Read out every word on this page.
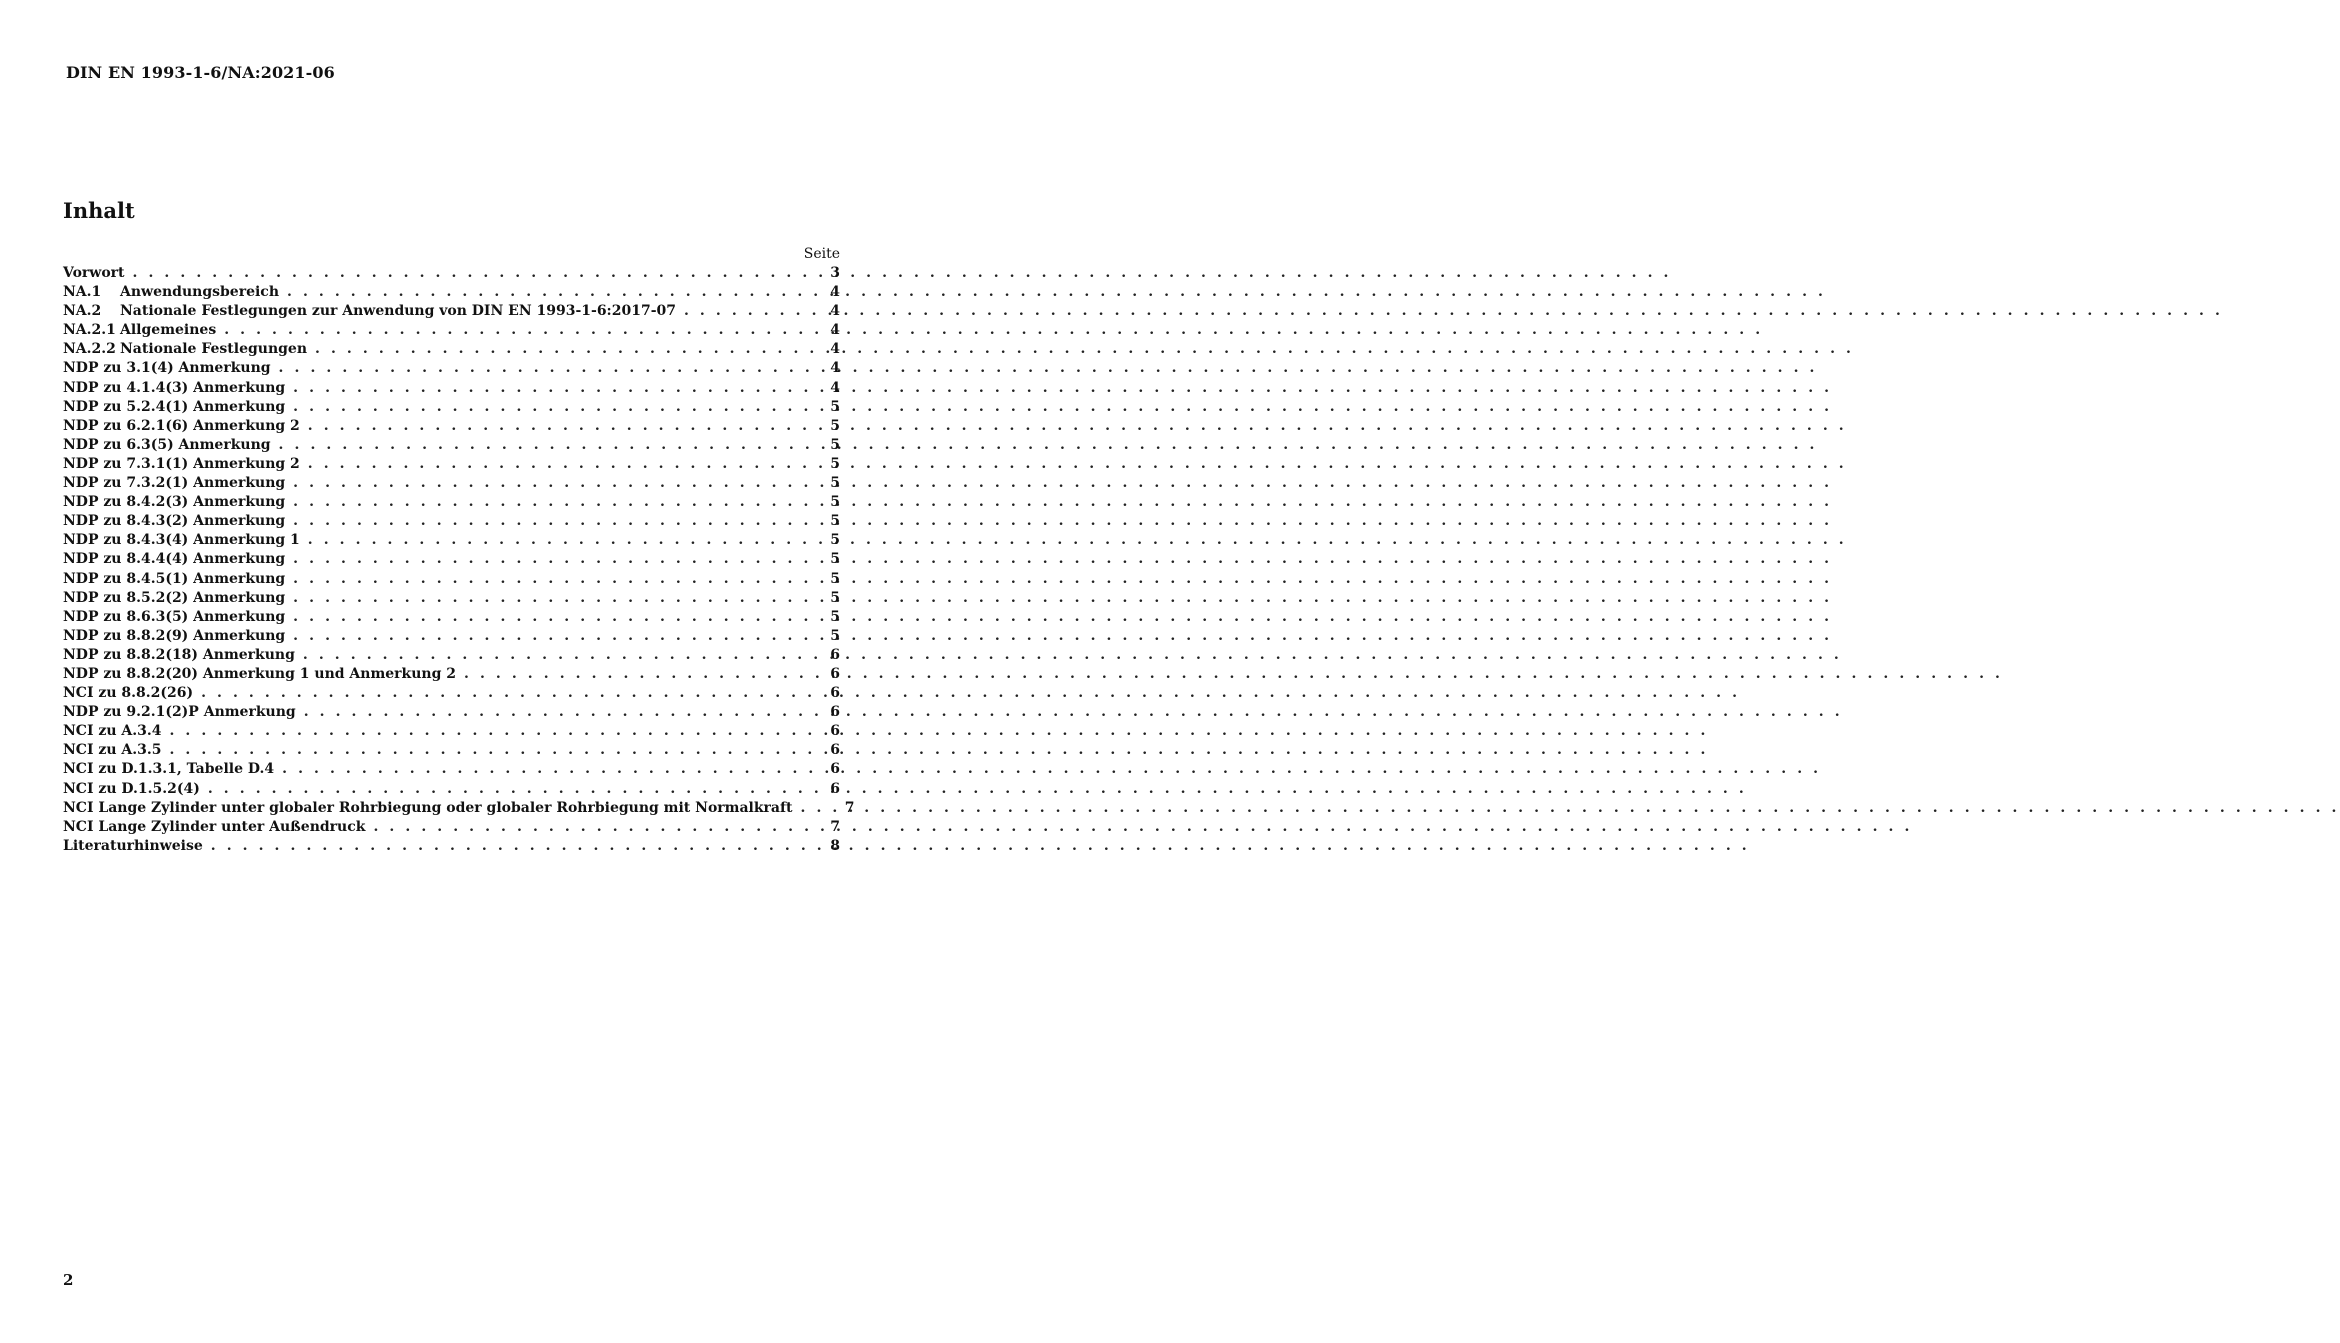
DIN EN 1993-1-6/NA:2021-06
Inhalt
Seite
Vorwort . . .	3
NA.1	Anwendungsbereich . . .	4
NA.2	Nationale Festlegungen zur Anwendung von DIN EN 1993-1-6:2017-07 . . .	4
NA.2.1 Allgemeines . . .	4
NA.2.2 Nationale Festlegungen . . .	4
NDP zu 3.1(4) Anmerkung . . .	4
NDP zu 4.1.4(3) Anmerkung . . .	4
NDP zu 5.2.4(1) Anmerkung . . .	5
NDP zu 6.2.1(6) Anmerkung 2 . . .	5
NDP zu 6.3(5) Anmerkung . . .	5
NDP zu 7.3.1(1) Anmerkung 2 . . .	5
NDP zu 7.3.2(1) Anmerkung . . .	5
NDP zu 8.4.2(3) Anmerkung . . .	5
NDP zu 8.4.3(2) Anmerkung . . .	5
NDP zu 8.4.3(4) Anmerkung 1 . . .	5
NDP zu 8.4.4(4) Anmerkung . . .	5
NDP zu 8.4.5(1) Anmerkung . . .	5
NDP zu 8.5.2(2) Anmerkung . . .	5
NDP zu 8.6.3(5) Anmerkung . . .	5
NDP zu 8.8.2(9) Anmerkung . . .	5
NDP zu 8.8.2(18) Anmerkung . . .	6
NDP zu 8.8.2(20) Anmerkung 1 und Anmerkung 2 . . .	6
NCI zu 8.8.2(26) . . .	6
NDP zu 9.2.1(2)P Anmerkung . . .	6
NCI zu A.3.4 . . .	6
NCI zu A.3.5 . . .	6
NCI zu D.1.3.1, Tabelle D.4 . . .	6
NCI zu D.1.5.2(4) . . .	6
NCI Lange Zylinder unter globaler Rohrbiegung oder globaler Rohrbiegung mit Normalkraft . . .	7
NCI Lange Zylinder unter Außendruck . . .	7
Literaturhinweise . . .	8
2
